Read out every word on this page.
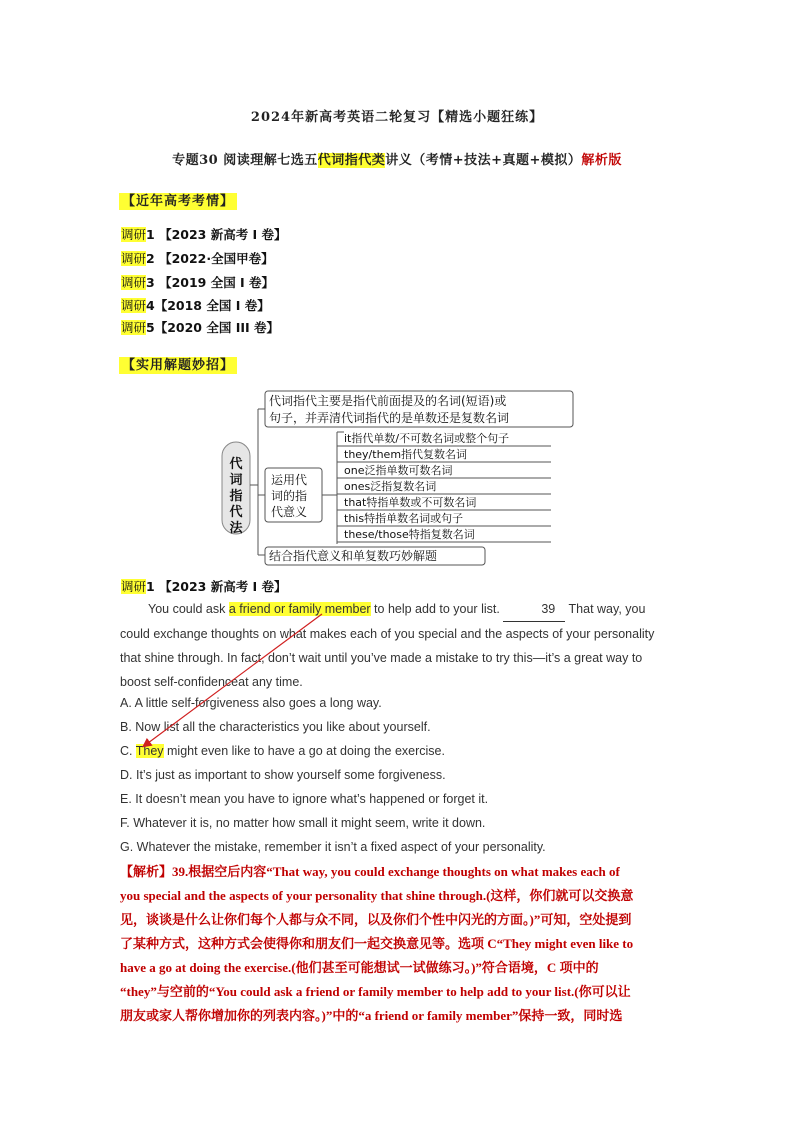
2024年新高考英语二轮复习【精选小题狂练】
专题30 阅读理解七选五代词指代类讲义（考情+技法+真题+模拟）解析版
【近年高考考情】
调研1 【2023 新高考 I 卷】
调研2 【2022·全国甲卷】
调研3 【2019 全国 I 卷】
调研4【2018 全国 I 卷】
调研5【2020 全国 III 卷】
【实用解题妙招】
代
词
指
代
法
代词指代主要是指代前面提及的名词(短语)或
句子，并弄清代词指代的是单数还是复数名词
运用代
词的指
代意义
it指代单数/不可数名词或整个句子
they/them指代复数名词
one泛指单数可数名词
ones泛指复数名词
that特指单数或不可数名词
this特指单数名词或句子
these/those特指复数名词
结合指代意义和单复数巧妙解题
调研1 【2023 新高考 I 卷】
You could ask a friend or family member to help add to your list.	39 That way, you
could exchange thoughts on what makes each of you special and the aspects of your personality
that shine through. In fact, don’t wait until you’ve made a mistake to try this—it’s a great way to
boost self-confidenceat any time.
A. A little self-forgiveness also goes a long way.
B. Now list all the characteristics you like about yourself.
C. They might even like to have a go at doing the exercise.
D. It’s just as important to show yourself some forgiveness.
E. It doesn’t mean you have to ignore what’s happened or forget it.
F. Whatever it is, no matter how small it might seem, write it down.
G. Whatever the mistake, remember it isn’t a fixed aspect of your personality.
【解析】39.根据空后内容“That way, you could exchange thoughts on what makes each of
you special and the aspects of your personality that shine through.(这样，你们就可以交换意
见，谈谈是什么让你们每个人都与众不同，以及你们个性中闪光的方面。)”可知，空处提到
了某种方式，这种方式会使得你和朋友们一起交换意见等。选项 C“They might even like to
have a go at doing the exercise.(他们甚至可能想试一试做练习。)”符合语境，C 项中的
“they”与空前的“You could ask a friend or family member to help add to your list.(你可以让
朋友或家人帮你增加你的列表内容。)”中的“a friend or family member”保持一致，同时选
